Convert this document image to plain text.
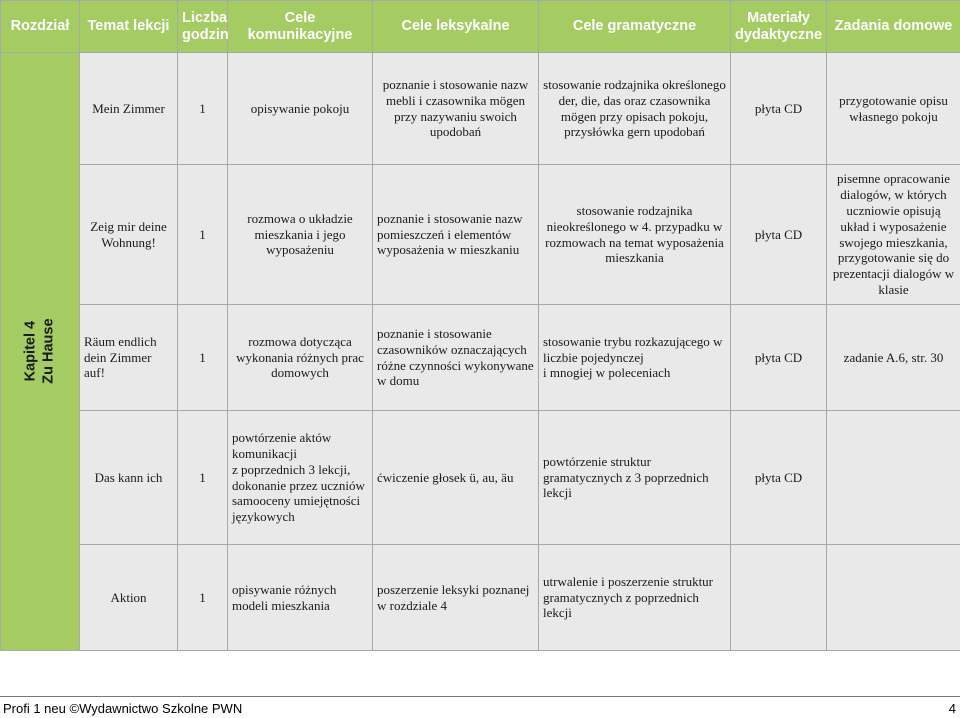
Rozdział	Temat lekcji	Liczba godzin	Cele komunikacyjne	Cele leksykalne	Cele gramatyczne	Materiały dydaktyczne	Zadania domowe

Kapitel 4 Zu Hause	Mein Zimmer	1	opisywanie pokoju	poznanie i stosowanie nazw mebli i czasownika mögen przy nazywaniu swoich upodobań	stosowanie rodzajnika określonego der, die, das oraz czasownika mögen przy opisach pokoju, przysłówka gern upodobań	płyta CD	przygotowanie opisu własnego pokoju
	Zeig mir deine Wohnung!	1	rozmowa o układzie mieszkania i jego wyposażeniu	poznanie i stosowanie nazw pomieszczeń i elementów wyposażenia w mieszkaniu	stosowanie rodzajnika nieokreślonego w 4. przypadku w rozmowach na temat wyposażenia mieszkania	płyta CD	pisemne opracowanie dialogów, w których uczniowie opisują układ i wyposażenie swojego mieszkania, przygotowanie się do prezentacji dialogów w klasie
	Räum endlich dein Zimmer auf!	1	rozmowa dotycząca wykonania różnych prac domowych	poznanie i stosowanie czasowników oznaczających różne czynności wykonywane w domu	stosowanie trybu rozkazującego w liczbie pojedynczej
i mnogiej w poleceniach	płyta CD	zadanie A.6, str. 30
	Das kann ich	1	powtórzenie aktów komunikacji
z poprzednich 3 lekcji, dokonanie przez uczniów samooceny umiejętności językowych	ćwiczenie głosek ü, au, äu	powtórzenie struktur gramatycznych z 3 poprzednich lekcji	płyta CD	
	Aktion	1	opisywanie różnych modeli mieszkania	poszerzenie leksyki poznanej w rozdziale 4	utrwalenie i poszerzenie struktur gramatycznych z poprzednich lekcji		
Profi 1 neu ©Wydawnictwo Szkolne PWN	4
